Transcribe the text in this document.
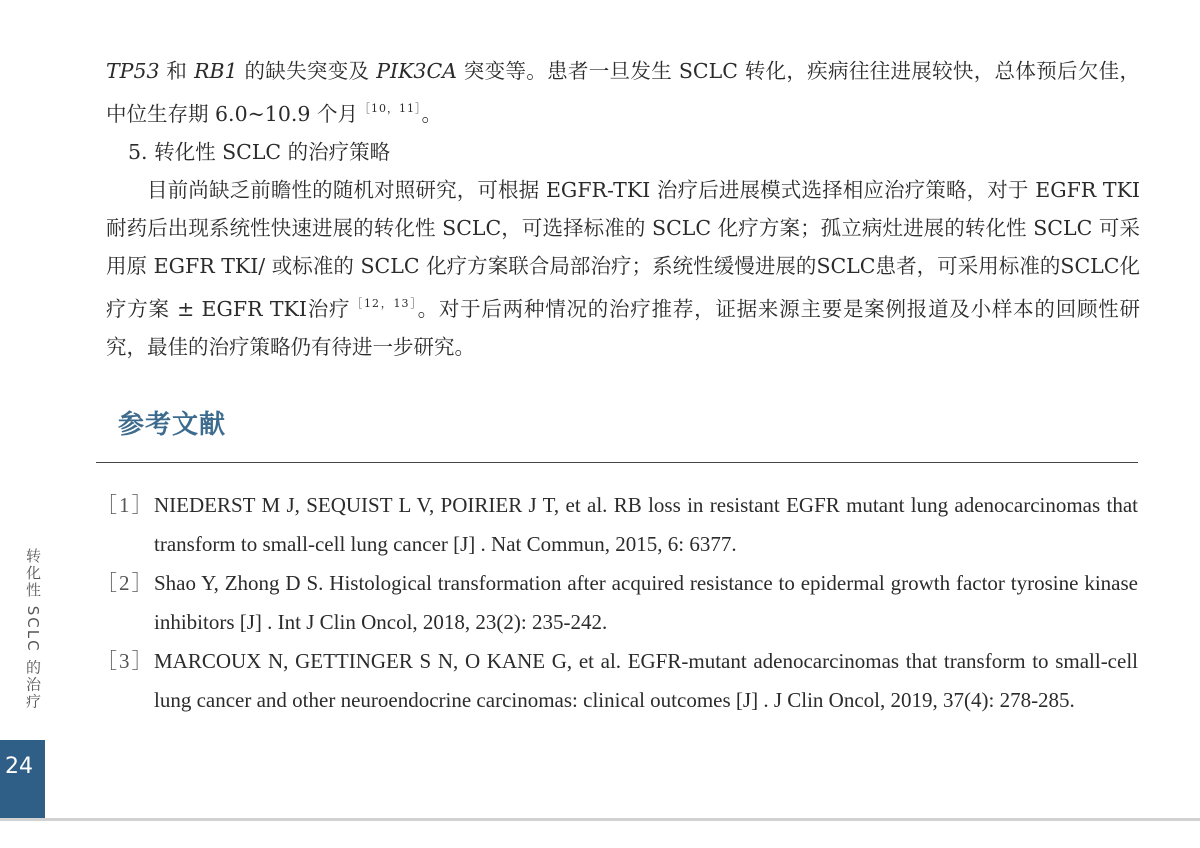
TP53 和 RB1 的缺失突变及 PIK3CA 突变等。患者一旦发生 SCLC 转化，疾病往往进展较快，总体预后欠佳，中位生存期 6.0~10.9 个月$^{[10,11]}$。

5. 转化性 SCLC 的治疗策略

目前尚缺乏前瞻性的随机对照研究，可根据 EGFR-TKI 治疗后进展模式选择相应治疗策略，对于 EGFR TKI 耐药后出现系统性快速进展的转化性 SCLC，可选择标准的 SCLC 化疗方案；孤立病灶进展的转化性 SCLC 可采用原 EGFR TKI/ 或标准的 SCLC 化疗方案联合局部治疗；系统性缓慢进展的SCLC患者，可采用标准的SCLC化疗方案 ± EGFR TKI治疗$^{[12,13]}$。对于后两种情况的治疗推荐，证据来源主要是案例报道及小样本的回顾性研究，最佳的治疗策略仍有待进一步研究。

参考文献

［1］ NIEDERST M J, SEQUIST L V, POIRIER J T, et al. RB loss in resistant EGFR mutant lung adenocarcinomas that transform to small-cell lung cancer [J] . Nat Commun, 2015, 6: 6377.

［2］ Shao Y, Zhong D S. Histological transformation after acquired resistance to epidermal growth factor tyrosine kinase inhibitors [J] . Int J Clin Oncol, 2018, 23(2): 235-242.

［3］ MARCOUX N, GETTINGER S N, O KANE G, et al. EGFR-mutant adenocarcinomas that transform to small-cell lung cancer and other neuroendocrine carcinomas: clinical outcomes [J] . J Clin Oncol, 2019, 37(4): 278-285.

转化性 SCLC 的治疗
24
